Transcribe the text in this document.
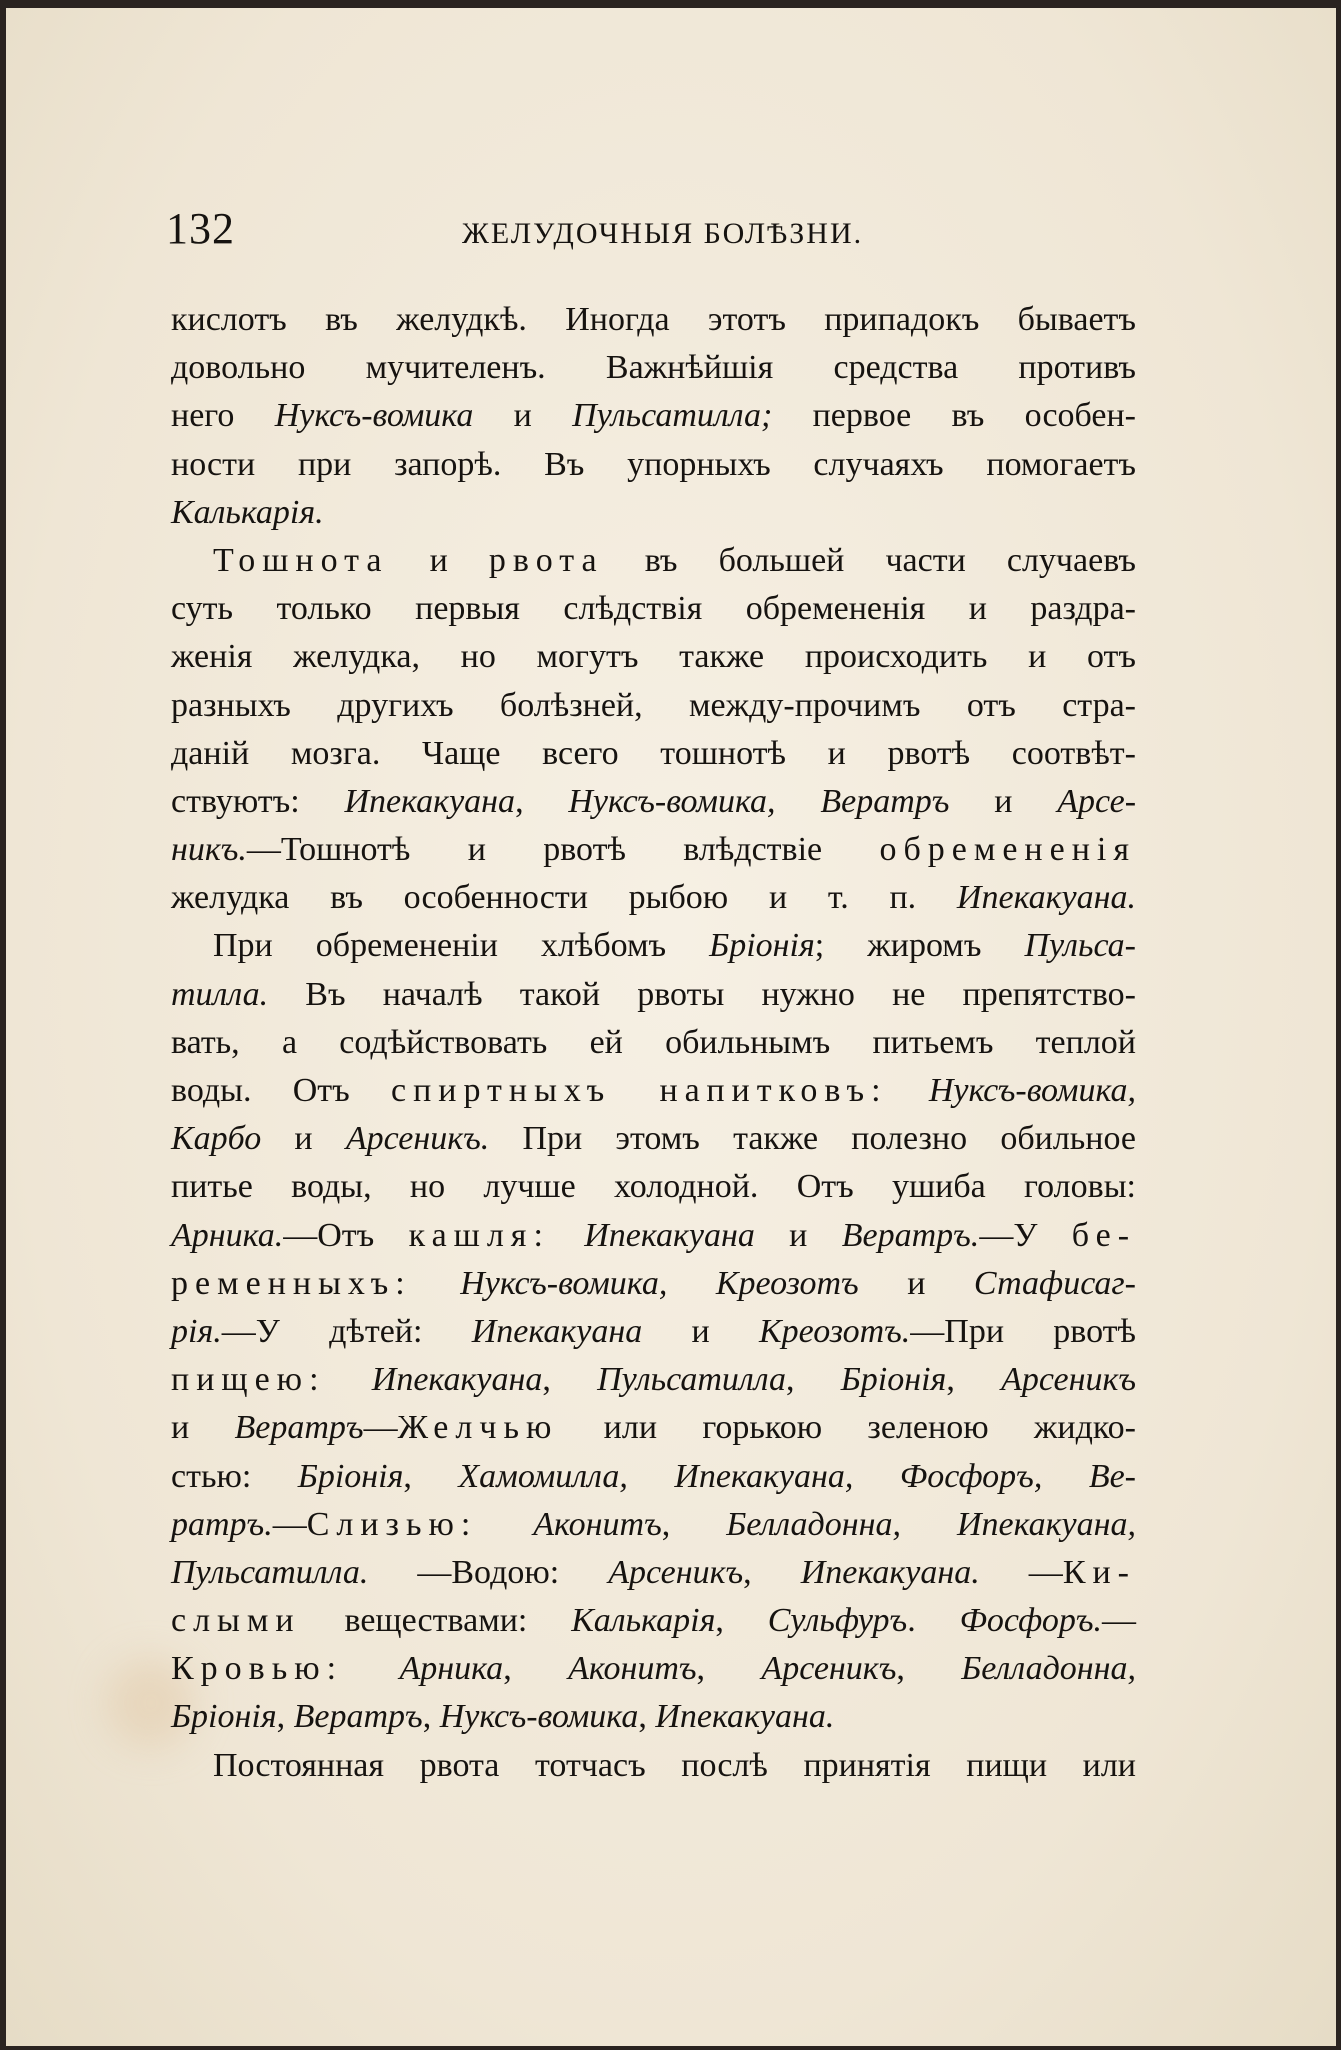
132	ЖЕЛУДОЧНЫЯ БОЛѢЗНИ.
кислотъ въ желудкѣ. Иногда этотъ припадокъ бываетъ
довольно мучителенъ. Важнѣйшія средства противъ
него Нуксъ-вомика и Пульсатилла; первое въ особен-
ности при запорѣ. Въ упорныхъ случаяхъ помогаетъ
Калькарія.
Тошнота и рвота въ большей части случаевъ
суть только первыя слѣдствія обремененія и раздра-
женія желудка, но могутъ также происходить и отъ
разныхъ другихъ болѣзней, между-прочимъ отъ стра-
даній мозга. Чаще всего тошнотѣ и рвотѣ соотвѣт-
ствуютъ: Ипекакуана, Нуксъ-вомика, Вератръ и Арсе-
никъ.—Тошнотѣ и рвотѣ влѣдствіе обремененія
желудка въ особенности рыбою и т. п. Ипекакуана.
При обремененіи хлѣбомъ Бріонія; жиромъ Пульса-
тилла. Въ началѣ такой рвоты нужно не препятство-
вать, а содѣйствовать ей обильнымъ питьемъ теплой
воды. Отъ спиртныхъ напитковъ: Нуксъ-вомика,
Карбо и Арсеникъ. При этомъ также полезно обильное
питье воды, но лучше холодной. Отъ ушиба головы:
Арника.—Отъ кашля: Ипекакуана и Вератръ.—У бе-
ременныхъ: Нуксъ-вомика, Креозотъ и Стафисаг-
рія.—У дѣтей: Ипекакуана и Креозотъ.—При рвотѣ
пищею: Ипекакуана, Пульсатилла, Бріонія, Арсеникъ
и Вератръ—Желчью или горькою зеленою жидко-
стью: Бріонія, Хамомилла, Ипекакуана, Фосфоръ, Ве-
ратръ.—Слизью: Аконитъ, Белладонна, Ипекакуана,
Пульсатилла. —Водою: Арсеникъ, Ипекакуана. —Ки-
слыми веществами: Калькарія, Сульфуръ. Фосфоръ.—
Кровью: Арника, Аконитъ, Арсеникъ, Белладонна,
Бріонія, Вератръ, Нуксъ-вомика, Ипекакуана.
Постоянная рвота тотчасъ послѣ принятія пищи или
